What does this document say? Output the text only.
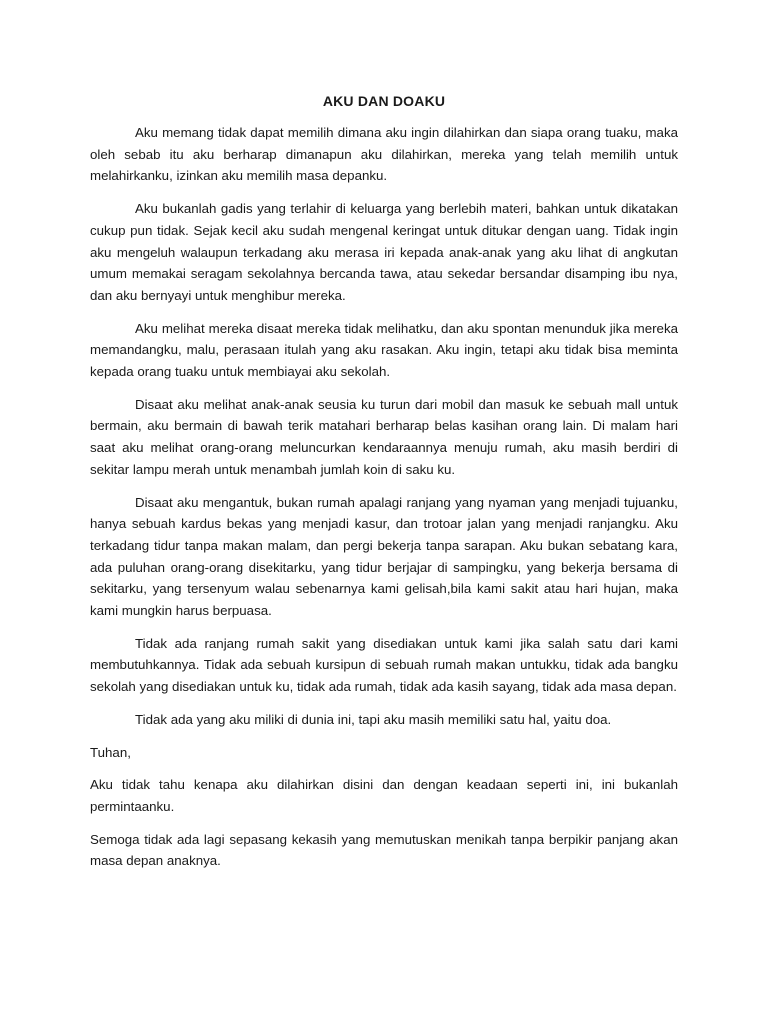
AKU DAN DOAKU

Aku memang tidak dapat memilih dimana aku ingin dilahirkan dan siapa orang tuaku, maka oleh sebab itu aku berharap dimanapun aku dilahirkan, mereka yang telah memilih untuk melahirkanku, izinkan aku memilih masa depanku.

Aku bukanlah gadis yang terlahir di keluarga yang berlebih materi, bahkan untuk dikatakan cukup pun tidak. Sejak kecil aku sudah mengenal keringat untuk ditukar dengan uang. Tidak ingin aku mengeluh walaupun terkadang aku merasa iri kepada anak-anak yang aku lihat di angkutan umum memakai seragam sekolahnya bercanda tawa, atau sekedar bersandar disamping ibu nya, dan aku bernyayi untuk menghibur mereka.

Aku melihat mereka disaat mereka tidak melihatku, dan aku spontan menunduk jika mereka memandangku, malu, perasaan itulah yang aku rasakan. Aku ingin, tetapi aku tidak bisa meminta kepada orang tuaku untuk membiayai aku sekolah.

Disaat aku melihat anak-anak seusia ku turun dari mobil dan masuk ke sebuah mall untuk bermain, aku bermain di bawah terik matahari berharap belas kasihan orang lain. Di malam hari saat aku melihat orang-orang meluncurkan kendaraannya menuju rumah, aku masih berdiri di sekitar lampu merah untuk menambah jumlah koin di saku ku.

Disaat aku mengantuk, bukan rumah apalagi ranjang yang nyaman yang menjadi tujuanku, hanya sebuah kardus bekas yang menjadi kasur, dan trotoar jalan yang menjadi ranjangku. Aku terkadang tidur tanpa makan malam, dan pergi bekerja tanpa sarapan. Aku bukan sebatang kara, ada puluhan orang-orang disekitarku, yang tidur berjajar di sampingku, yang bekerja bersama di sekitarku, yang tersenyum walau sebenarnya kami gelisah,bila kami sakit atau hari hujan, maka kami mungkin harus berpuasa.

Tidak ada ranjang rumah sakit yang disediakan untuk kami jika salah satu dari kami membutuhkannya. Tidak ada sebuah kursipun di sebuah rumah makan untukku, tidak ada bangku sekolah yang disediakan untuk ku, tidak ada rumah, tidak ada kasih sayang, tidak ada masa depan.

Tidak ada yang aku miliki di dunia ini, tapi aku masih memiliki satu hal, yaitu doa.

Tuhan,

Aku tidak tahu kenapa aku dilahirkan disini dan dengan keadaan seperti ini, ini bukanlah permintaanku.

Semoga tidak ada lagi sepasang kekasih yang memutuskan menikah tanpa berpikir panjang akan masa depan anaknya.
